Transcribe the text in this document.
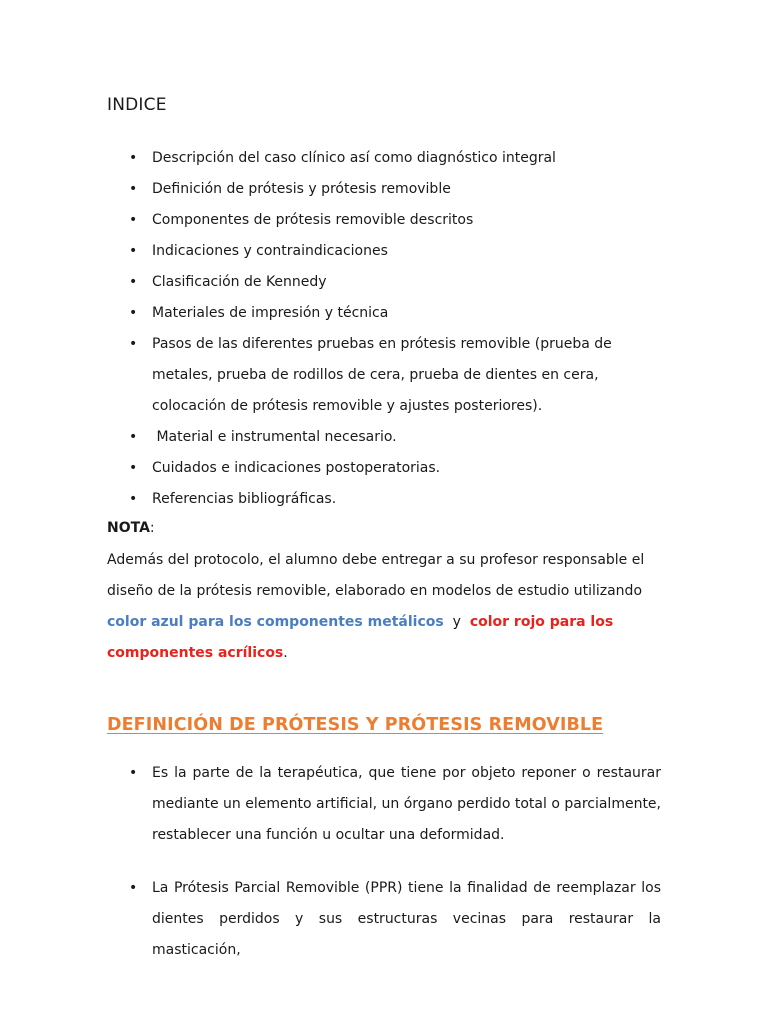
INDICE
• Descripción del caso clínico así como diagnóstico integral
• Definición de prótesis y prótesis removible
• Componentes de prótesis removible descritos
• Indicaciones y contraindicaciones
• Clasificación de Kennedy
• Materiales de impresión y técnica
• Pasos de las diferentes pruebas en prótesis removible (prueba de metales, prueba de rodillos de cera, prueba de dientes en cera, colocación de prótesis removible y ajustes posteriores).
• Material e instrumental necesario.
• Cuidados e indicaciones postoperatorias.
• Referencias bibliográficas.
NOTA:
Además del protocolo, el alumno debe entregar a su profesor responsable el diseño de la prótesis removible, elaborado en modelos de estudio utilizando color azul para los componentes metálicos  y  color rojo para los componentes acrílicos.
DEFINICIÓN DE PRÓTESIS Y PRÓTESIS REMOVIBLE
• Es la parte de la terapéutica, que tiene por objeto reponer o restaurar mediante un elemento artificial, un órgano perdido total o parcialmente, restablecer una función u ocultar una deformidad.
• La Prótesis Parcial Removible (PPR) tiene la finalidad de reemplazar los dientes perdidos y sus estructuras vecinas para restaurar la masticación,
